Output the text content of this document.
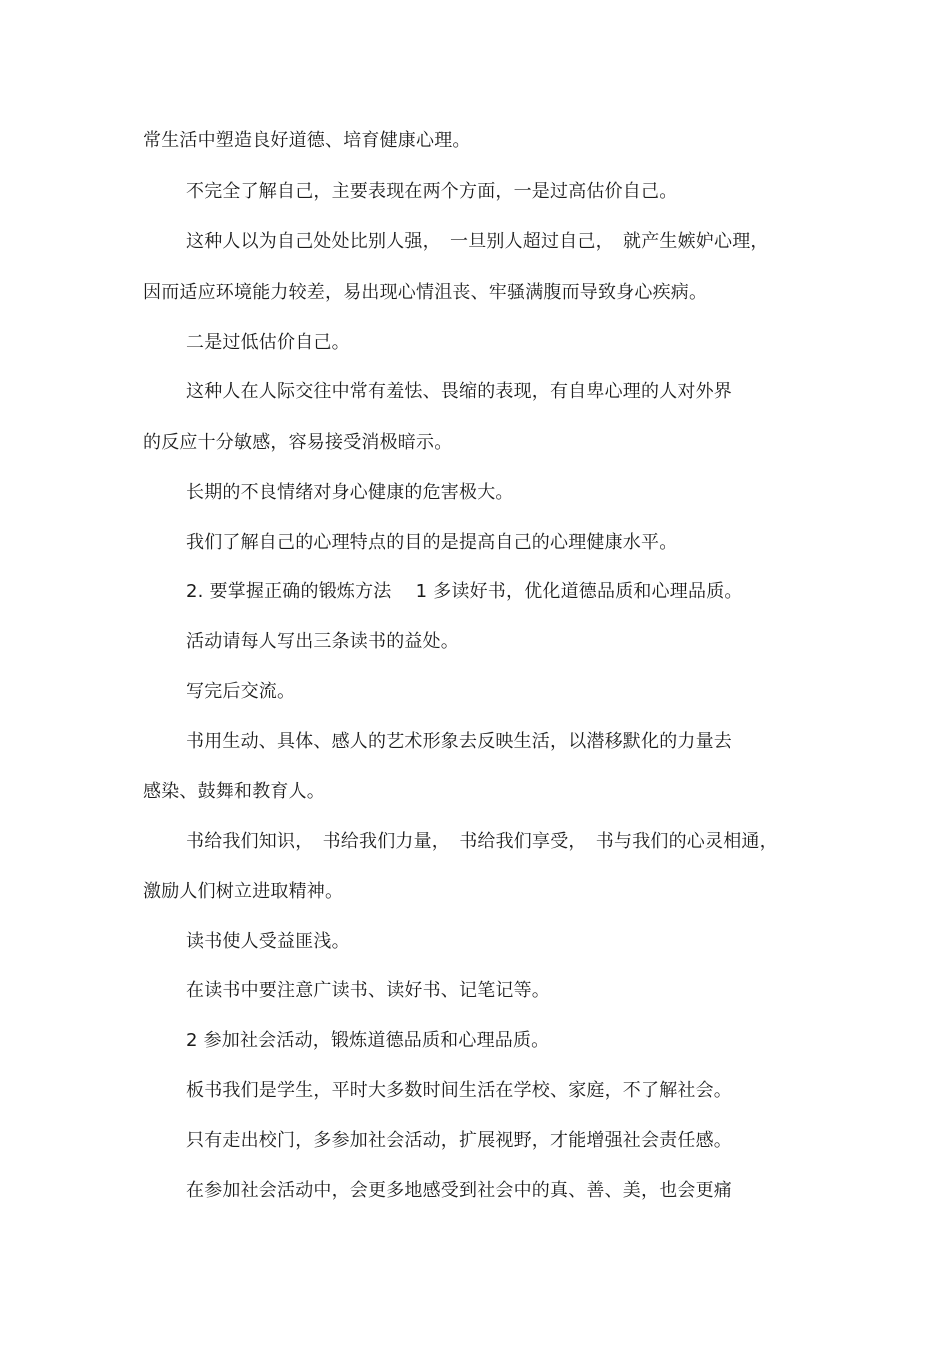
常生活中塑造良好道德、培育健康心理。
不完全了解自己，主要表现在两个方面，一是过高估价自己。
这种人以为自己处处比别人强，　一旦别人超过自己，　就产生嫉妒心理，
因而适应环境能力较差，易出现心情沮丧、牢骚满腹而导致身心疾病。
二是过低估价自己。
这种人在人际交往中常有羞怯、畏缩的表现，有自卑心理的人对外界
的反应十分敏感，容易接受消极暗示。
长期的不良情绪对身心健康的危害极大。
我们了解自己的心理特点的目的是提高自己的心理健康水平。
2. 要掌握正确的锻炼方法　 1 多读好书，优化道德品质和心理品质。
活动请每人写出三条读书的益处。
写完后交流。
书用生动、具体、感人的艺术形象去反映生活，以潜移默化的力量去
感染、鼓舞和教育人。
书给我们知识，　书给我们力量，　书给我们享受，　书与我们的心灵相通，
激励人们树立进取精神。
读书使人受益匪浅。
在读书中要注意广读书、读好书、记笔记等。
2 参加社会活动，锻炼道德品质和心理品质。
板书我们是学生，平时大多数时间生活在学校、家庭，不了解社会。
只有走出校门，多参加社会活动，扩展视野，才能增强社会责任感。
在参加社会活动中，会更多地感受到社会中的真、善、美，也会更痛
